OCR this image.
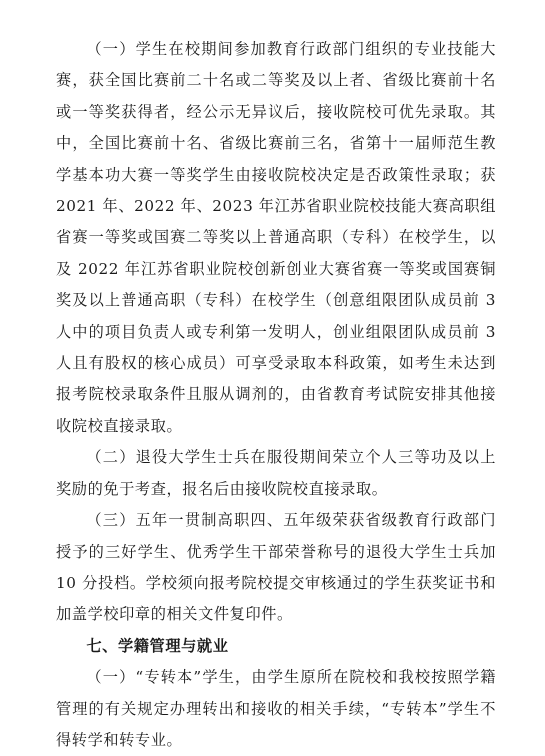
（一）学生在校期间参加教育行政部门组织的专业技能大赛，获全国比赛前二十名或二等奖及以上者、省级比赛前十名或一等奖获得者，经公示无异议后，接收院校可优先录取。其中，全国比赛前十名、省级比赛前三名，省第十一届师范生教学基本功大赛一等奖学生由接收院校决定是否政策性录取；获 2021 年、2022 年、2023 年江苏省职业院校技能大赛高职组省赛一等奖或国赛二等奖以上普通高职（专科）在校学生，以及 2022 年江苏省职业院校创新创业大赛省赛一等奖或国赛铜奖及以上普通高职（专科）在校学生（创意组限团队成员前 3 人中的项目负责人或专利第一发明人，创业组限团队成员前 3 人且有股权的核心成员）可享受录取本科政策，如考生未达到报考院校录取条件且服从调剂的，由省教育考试院安排其他接收院校直接录取。

（二）退役大学生士兵在服役期间荣立个人三等功及以上奖励的免于考查，报名后由接收院校直接录取。

（三）五年一贯制高职四、五年级荣获省级教育行政部门授予的三好学生、优秀学生干部荣誉称号的退役大学生士兵加 10 分投档。学校须向报考院校提交审核通过的学生获奖证书和加盖学校印章的相关文件复印件。

七、学籍管理与就业

（一）“专转本”学生，由学生原所在院校和我校按照学籍管理的有关规定办理转出和接收的相关手续，“专转本”学生不得转学和转专业。
